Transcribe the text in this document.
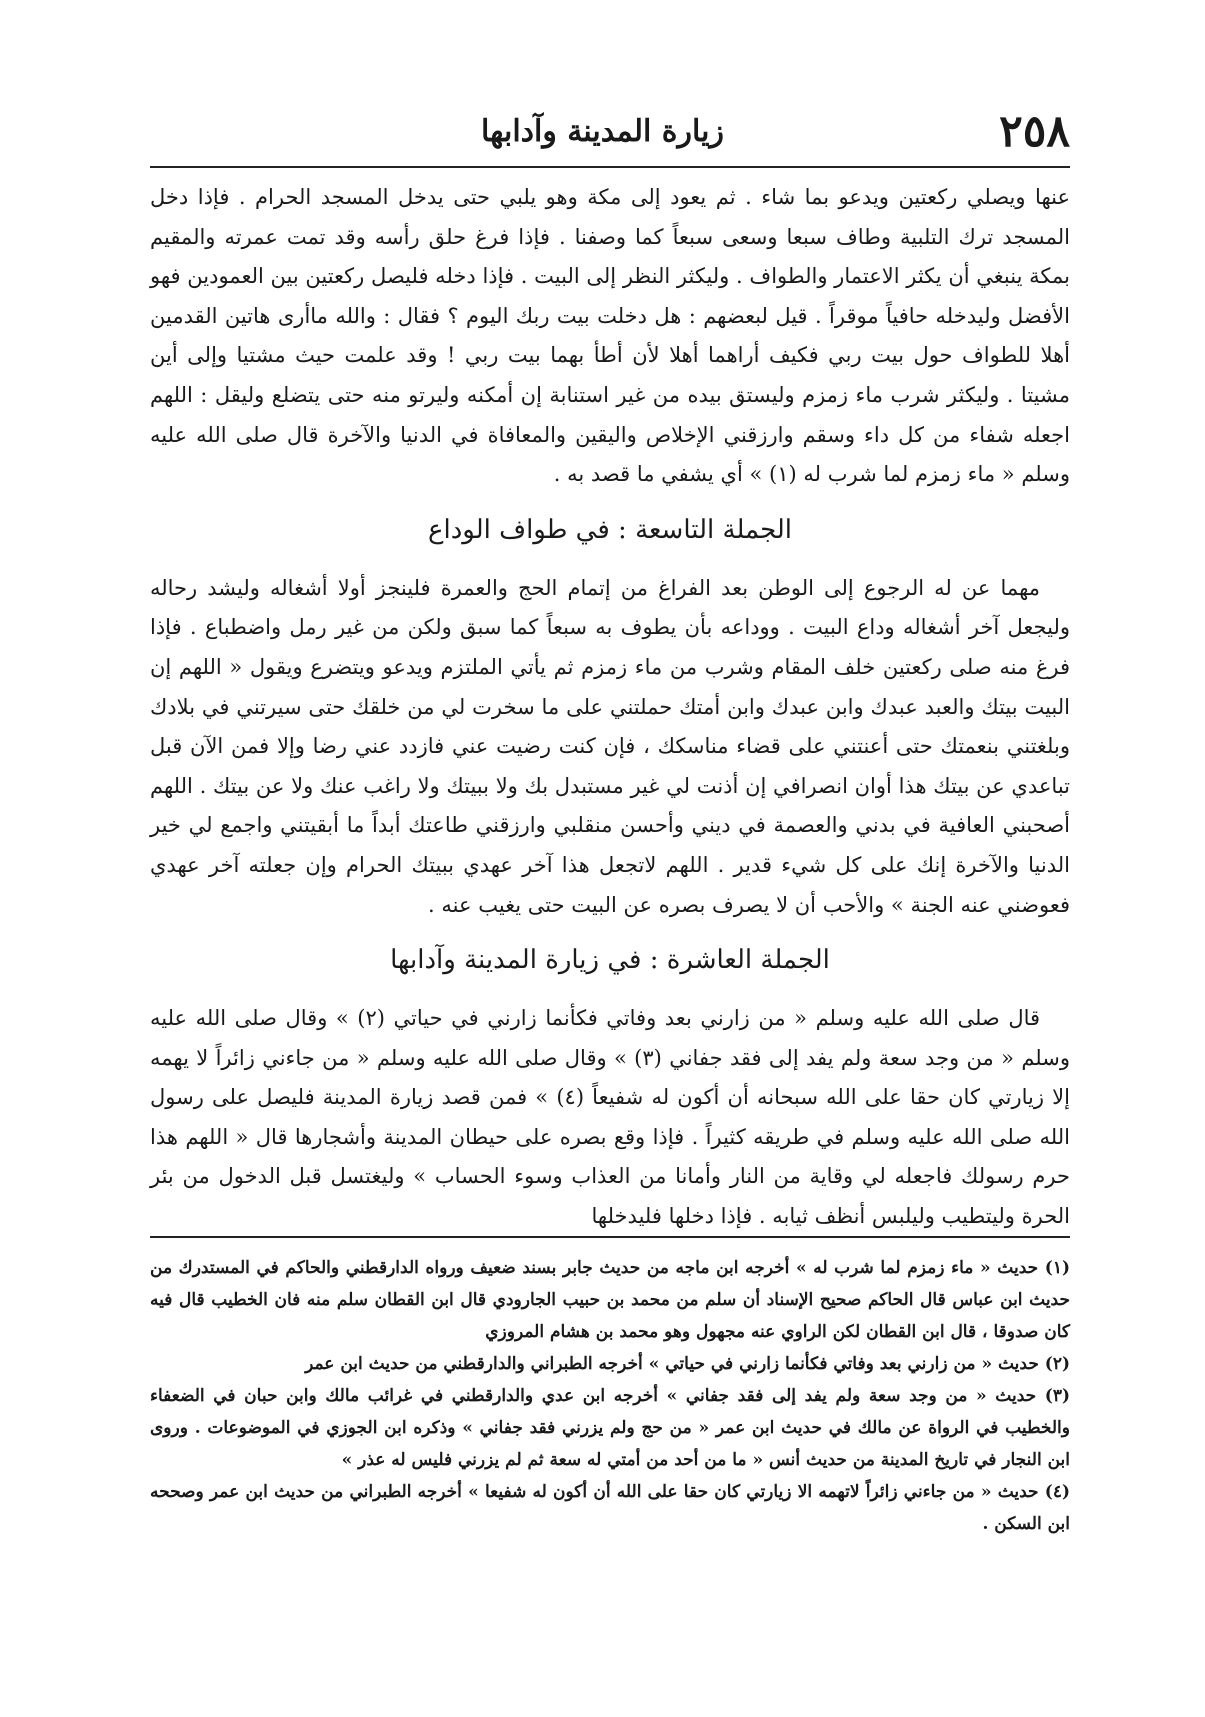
٢٥٨
زيارة المدينة وآدابها

عنها ويصلي ركعتين ويدعو بما شاء . ثم يعود إلى مكة وهو يلبي حتى يدخل المسجد الحرام . فإذا دخل المسجد ترك التلبية وطاف سبعا وسعى سبعاً كما وصفنا . فإذا فرغ حلق رأسه وقد تمت عمرته والمقيم بمكة ينبغي أن يكثر الاعتمار والطواف . وليكثر النظر إلى البيت . فإذا دخله فليصل ركعتين بين العمودين فهو الأفضل وليدخله حافياً موقراً . قيل لبعضهم : هل دخلت بيت ربك اليوم ؟ فقال : والله ماأرى هاتين القدمين أهلا للطواف حول بيت ربي فكيف أراهما أهلا لأن أطأ بهما بيت ربي ! وقد علمت حيث مشتيا وإلى أين مشيتا . وليكثر شرب ماء زمزم وليستق بيده من غير استنابة إن أمكنه وليرتو منه حتى يتضلع وليقل : اللهم اجعله شفاء من كل داء وسقم وارزقني الإخلاص واليقين والمعافاة في الدنيا والآخرة قال صلى الله عليه وسلم « ماء زمزم لما شرب له (١) » أي يشفي ما قصد به .

الجملة التاسعة : في طواف الوداع

مهما عن له الرجوع إلى الوطن بعد الفراغ من إتمام الحج والعمرة فلينجز أولا أشغاله وليشد رحاله وليجعل آخر أشغاله وداع البيت . ووداعه بأن يطوف به سبعاً كما سبق ولكن من غير رمل واضطباع . فإذا فرغ منه صلى ركعتين خلف المقام وشرب من ماء زمزم ثم يأتي الملتزم ويدعو ويتضرع ويقول « اللهم إن البيت بيتك والعبد عبدك وابن عبدك وابن أمتك حملتني على ما سخرت لي من خلقك حتى سيرتني في بلادك وبلغتني بنعمتك حتى أعنتني على قضاء مناسكك ، فإن كنت رضيت عني فازدد عني رضا وإلا فمن الآن قبل تباعدي عن بيتك هذا أوان انصرافي إن أذنت لي غير مستبدل بك ولا ببيتك ولا راغب عنك ولا عن بيتك . اللهم أصحبني العافية في بدني والعصمة في ديني وأحسن منقلبي وارزقني طاعتك أبداً ما أبقيتني واجمع لي خير الدنيا والآخرة إنك على كل شيء قدير . اللهم لاتجعل هذا آخر عهدي ببيتك الحرام وإن جعلته آخر عهدي فعوضني عنه الجنة » والأحب أن لا يصرف بصره عن البيت حتى يغيب عنه .

الجملة العاشرة : في زيارة المدينة وآدابها

قال صلى الله عليه وسلم « من زارني بعد وفاتي فكأنما زارني في حياتي (٢) » وقال صلى الله عليه وسلم « من وجد سعة ولم يفد إلى فقد جفاني (٣) » وقال صلى الله عليه وسلم « من جاءني زائراً لا يهمه إلا زيارتي كان حقا على الله سبحانه أن أكون له شفيعاً (٤) » فمن قصد زيارة المدينة فليصل على رسول الله صلى الله عليه وسلم في طريقه كثيراً . فإذا وقع بصره على حيطان المدينة وأشجارها قال « اللهم هذا حرم رسولك فاجعله لي وقاية من النار وأمانا من العذاب وسوء الحساب » وليغتسل قبل الدخول من بئر الحرة وليتطيب وليلبس أنظف ثيابه . فإذا دخلها فليدخلها

(١) حديث « ماء زمزم لما شرب له » أخرجه ابن ماجه من حديث جابر بسند ضعيف ورواه الدارقطني والحاكم في المستدرك من حديث ابن عباس قال الحاكم صحيح الإسناد أن سلم من محمد بن حبيب الجارودي قال ابن القطان سلم منه فان الخطيب قال فيه كان صدوقا ، قال ابن القطان لكن الراوي عنه مجهول وهو محمد بن هشام المروزي

(٢) حديث « من زارني بعد وفاتي فكأنما زارني في حياتي » أخرجه الطبراني والدارقطني من حديث ابن عمر

(٣) حديث « من وجد سعة ولم يفد إلى فقد جفاني » أخرجه ابن عدي والدارقطني في غرائب مالك وابن حبان في الضعفاء والخطيب في الرواة عن مالك في حديث ابن عمر « من حج ولم يزرني فقد جفاني » وذكره ابن الجوزي في الموضوعات . وروى ابن النجار في تاريخ المدينة من حديث أنس « ما من أحد من أمتي له سعة ثم لم يزرني فليس له عذر »

(٤) حديث « من جاءني زائراً لاتهمه الا زيارتي كان حقا على الله أن أكون له شفيعا » أخرجه الطبراني من حديث ابن عمر وصححه ابن السكن .
